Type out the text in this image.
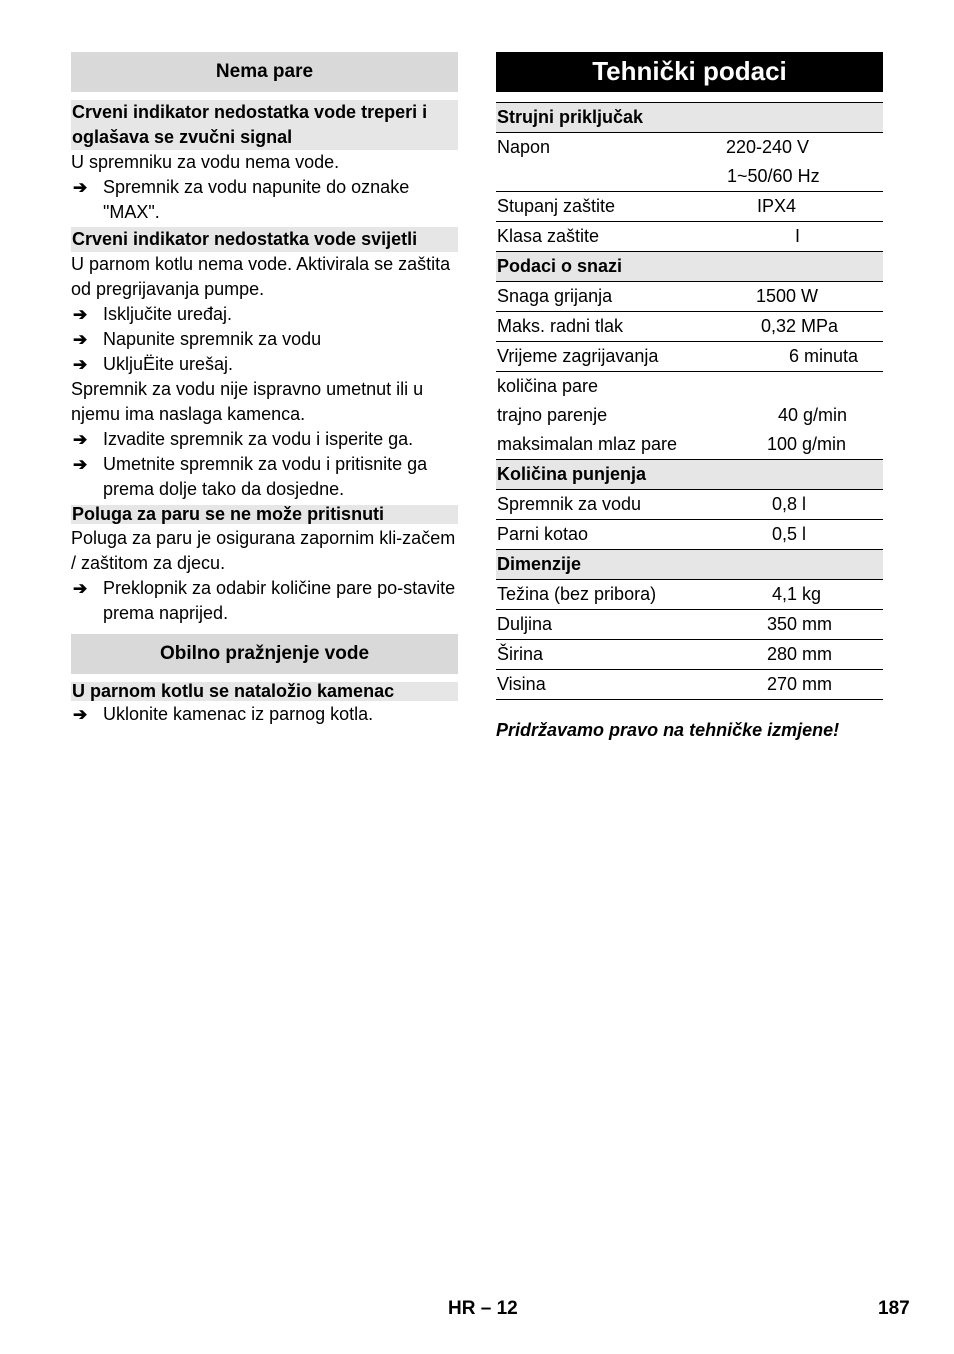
Nema pare
Crveni indikator nedostatka vode treperi i oglašava se zvučni signal
U spremniku za vodu nema vode.
➔ Spremnik za vodu napunite do oznake "MAX".
Crveni indikator nedostatka vode svijetli
U parnom kotlu nema vode. Aktivirala se zaštita od pregrijavanja pumpe.
➔ Isključite uređaj.
➔ Napunite spremnik za vodu
➔ UkljuËite urešaj.
Spremnik za vodu nije ispravno umetnut ili u njemu ima naslaga kamenca.
➔ Izvadite spremnik za vodu i isperite ga.
➔ Umetnite spremnik za vodu i pritisnite ga prema dolje tako da dosjedne.
Poluga za paru se ne može pritisnuti
Poluga za paru je osigurana zapornim kli-začem / zaštitom za djecu.
➔ Preklopnik za odabir količine pare po-stavite prema naprijed.
Obilno pražnjenje vode
U parnom kotlu se natаložio kamenac
➔ Uklonite kamenac iz parnog kotla.
Tehnički podaci
Strujni priključak
Napon	220-240 V
1~50/60 Hz
Stupanj zaštite	IPX4
Klasa zaštite	I
Podaci o snazi
Snaga grijanja	1500 W
Maks. radni tlak	0,32 MPa
Vrijeme zagrijavanja	6 minuta
količina pare
trajno parenje	40 g/min
maksimalan mlaz pare	100 g/min
Količina punjenja
Spremnik za vodu	0,8 l
Parni kotao	0,5 l
Dimenzije
Težina (bez pribora)	4,1 kg
Duljina	350 mm
Širina	280 mm
Visina	270 mm
Pridržavamo pravo na tehničke izmjene!
HR – 12	187
